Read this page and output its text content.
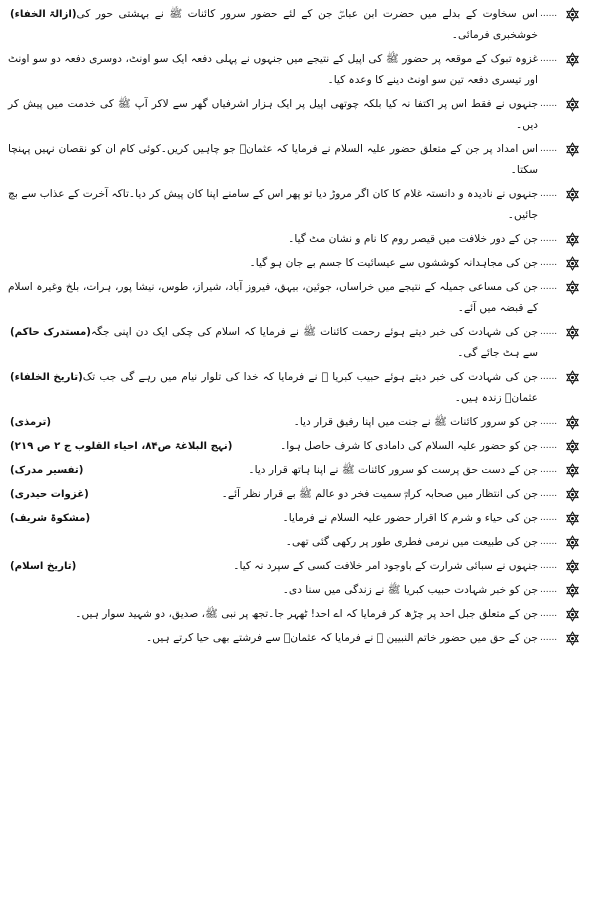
......
(ازالۃ الخفاء) اس سخاوت کے بدلے میں حضرت ابن عباسؓ جن کے لئے حضور سرور کائنات ﷺ نے بہشتی حور کی خوشخبری فرمائی۔
......
غزوہ تبوک کے موقعہ پر حضور ﷺ کی اپیل کے نتیجے میں جنہوں نے پہلی دفعہ ایک سو اونٹ، دوسری دفعہ دو سو اونٹ اور تیسری دفعہ تین سو اونٹ دینے کا وعدہ کیا۔
......
جنہوں نے فقط اس پر اکتفا نہ کیا بلکہ چوتھی اپیل پر ایک ہزار اشرفیاں گھر سے لاکر آپ ﷺ کی خدمت میں پیش کر دیں۔
......
اس امداد پر جن کے متعلق حضور علیہ السلام نے فرمایا کہ عثمانؓ جو چاہیں کریں۔کوئی کام ان کو نقصان نہیں پہنچا سکتا۔
......
جنہوں نے نادیدہ و دانستہ غلام کا کان اگر مروڑ دیا تو پھر اس کے سامنے اپنا کان پیش کر دیا۔تاکہ آخرت کے عذاب سے بچ جائیں۔
......
جن کے دور خلافت میں قیصر روم کا نام و نشان مٹ گیا۔
......
جن کی مجاہدانہ کوششوں سے عیسائیت کا جسم بے جان ہو گیا۔
......
جن کی مساعی جمیلہ کے نتیجے میں خراساں، جوئین، بیہق، فیروز آباد، شیراز، طوس، نیشا پور، ہرات، بلخ وغیرہ اسلام کے قبضہ میں آئے۔
......
(مستدرک حاکم) جن کی شہادت کی خبر دیتے ہوئے رحمت کائنات ﷺ نے فرمایا کہ اسلام کی چکی ایک دن اپنی جگہ سے ہٹ جائے گی۔
......
(تاریخ الخلفاء) جن کی شہادت کی خبر دیتے ہوئے حبیب کبریا ﷺ نے فرمایا کہ خدا کی تلوار نیام میں رہے گی جب تک عثمانؓ زندہ ہیں۔
......
(ترمذی)	جن کو سرور کائنات ﷺ نے جنت میں اپنا رفیق قرار دیا۔
......
(نہج البلاغۃ ص۸۴، احیاء القلوب ج ۲ ص ۲۱۹)	جن کو حضور علیہ السلام کی دامادی کا شرف حاصل ہوا۔
......
(تفسیر مدرک)	جن کے دست حق پرست کو سرور کائنات ﷺ نے اپنا ہاتھ قرار دیا۔
......
(غزوات حیدری)	جن کی انتظار میں صحابہ کرامؓ سمیت فخر دو عالم ﷺ بے قرار نظر آئے۔
......
(مشکوۃ شریف)	جن کی حیاء و شرم کا اقرار حضور علیہ السلام نے فرمایا۔
......
جن کی طبیعت میں نرمی فطری طور پر رکھی گئی تھی۔
......
(تاریخ اسلام)	جنہوں نے سبائی شرارت کے باوجود امر خلافت کسی کے سپرد نہ کیا۔
......
جن کو خبر شہادت حبیب کبریا ﷺ نے زندگی میں سنا دی۔
......
جن کے متعلق جبل احد پر چڑھ کر فرمایا کہ اے احد! ٹھہر جا۔تجھ پر نبی ﷺ، صدیق، دو شہید سوار ہیں۔
......
جن کے حق میں حضور خاتم النبیین ﷺ نے فرمایا کہ عثمانؓ سے فرشتے بھی حیا کرتے ہیں۔
